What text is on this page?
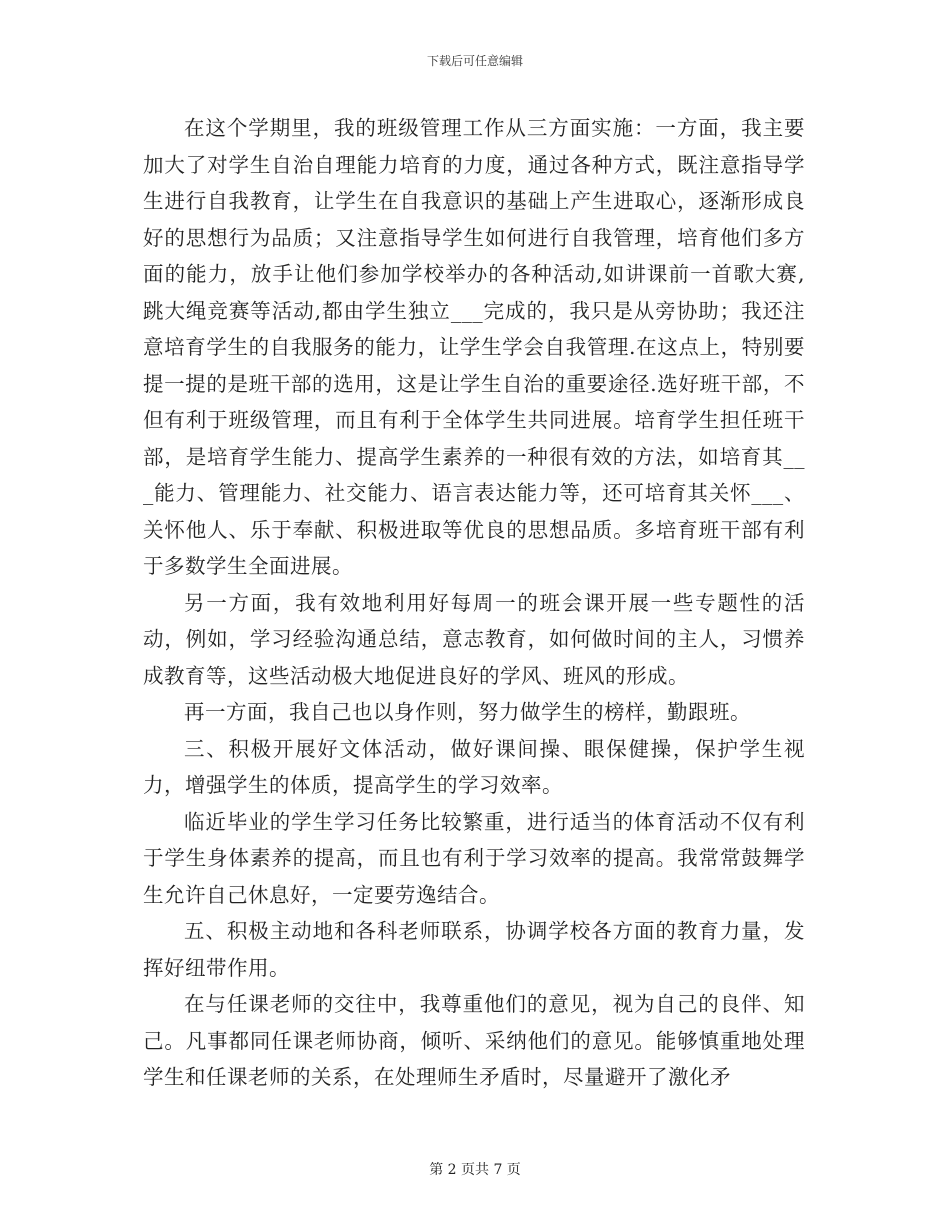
下载后可任意编辑

在这个学期里，我的班级管理工作从三方面实施：一方面，我主要加大了对学生自治自理能力培育的力度，通过各种方式，既注意指导学生进行自我教育，让学生在自我意识的基础上产生进取心，逐渐形成良好的思想行为品质；又注意指导学生如何进行自我管理，培育他们多方面的能力，放手让他们参加学校举办的各种活动,如讲课前一首歌大赛,跳大绳竞赛等活动,都由学生独立___完成的，我只是从旁协助；我还注意培育学生的自我服务的能力，让学生学会自我管理.在这点上，特别要提一提的是班干部的选用，这是让学生自治的重要途径.选好班干部，不但有利于班级管理，而且有利于全体学生共同进展。培育学生担任班干部，是培育学生能力、提高学生素养的一种很有效的方法，如培育其___能力、管理能力、社交能力、语言表达能力等，还可培育其关怀___、关怀他人、乐于奉献、积极进取等优良的思想品质。多培育班干部有利于多数学生全面进展。

另一方面，我有效地利用好每周一的班会课开展一些专题性的活动，例如，学习经验沟通总结，意志教育，如何做时间的主人，习惯养成教育等，这些活动极大地促进良好的学风、班风的形成。

再一方面，我自己也以身作则，努力做学生的榜样，勤跟班。

三、积极开展好文体活动，做好课间操、眼保健操，保护学生视力，增强学生的体质，提高学生的学习效率。

临近毕业的学生学习任务比较繁重，进行适当的体育活动不仅有利于学生身体素养的提高，而且也有利于学习效率的提高。我常常鼓舞学生允许自己休息好，一定要劳逸结合。

五、积极主动地和各科老师联系，协调学校各方面的教育力量，发挥好纽带作用。

在与任课老师的交往中，我尊重他们的意见，视为自己的良伴、知己。凡事都同任课老师协商，倾听、采纳他们的意见。能够慎重地处理学生和任课老师的关系，在处理师生矛盾时，尽量避开了激化矛

第 2 页共 7 页
